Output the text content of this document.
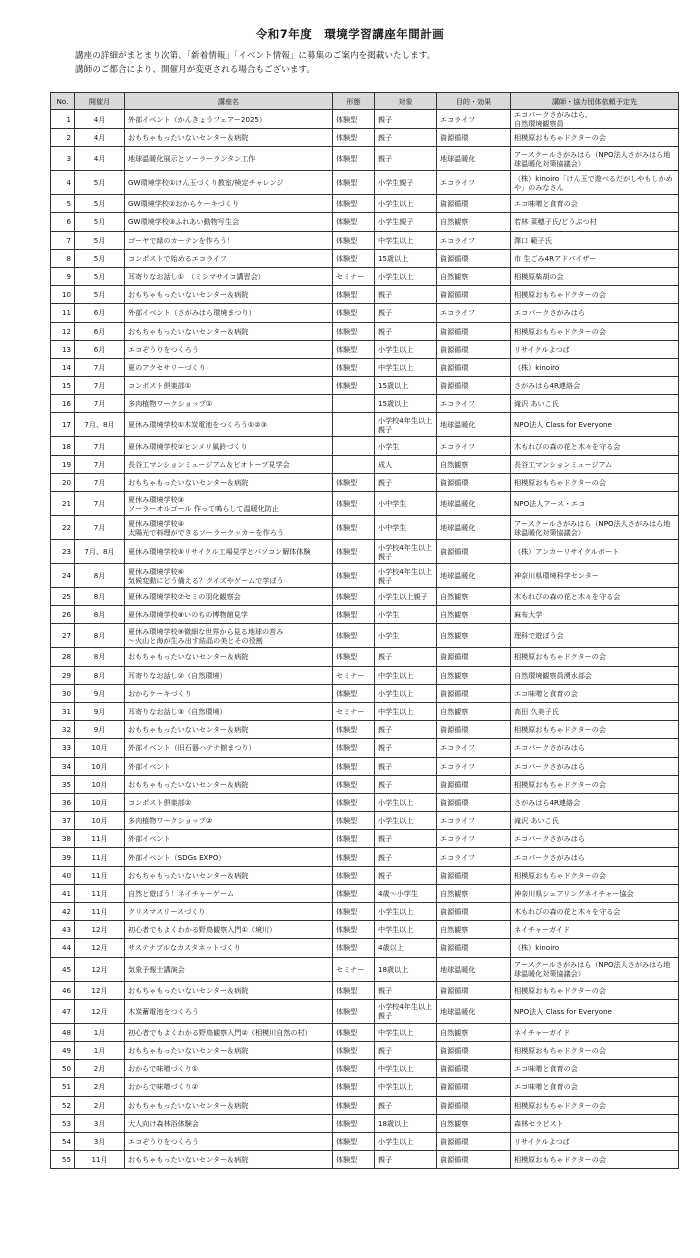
令和7年度　環境学習講座年間計画
講座の詳細がまとまり次第、「新着情報」「イベント情報」に募集のご案内を掲載いたします。
講師のご都合により、開催月が変更される場合もございます。
No.	開催月	講座名	形態	対象	目的・効果	講師・協力団体依頼予定先
1	4月	外部イベント（かんきょうフェアー2025）	体験型	親子	エコライフ	エコパークさがみはら、
自然環境観察員
2	4月	おもちゃもったいないセンター＆病院	体験型	親子	資源循環	相模原おもちゃドクターの会
3	4月	地球温暖化展示とソーラーランタン工作	体験型	親子	地球温暖化	アースクールさがみはら（NPO法人さがみはら地球温暖化対策協議会）
4	5月	GW環境学校①けん玉づくり教室/検定チャレンジ	体験型	小学生親子	エコライフ	（株）kinoiro「けん玉で遊べるだがしやもしかめや」のみなさん
5	5月	GW環境学校②おからケーキづくり	体験型	小学生以上	資源循環	エコ味噌と食育の会
6	5月	GW環境学校③ふれあい動物写生会	体験型	小学生親子	自然観察	若林 菜穂子氏/どうぶつ村
7	5月	ゴーヤで緑のカーテンを作ろう！	体験型	中学生以上	エコライフ	澤口 範子氏
8	5月	コンポストで始めるエコライフ	体験型	15歳以上	資源循環	市 生ごみ4Rアドバイザー
9	5月	耳寄りなお話し①　（ミシマサイコ講習会）	セミナー	小学生以上	自然観察	相模原柴胡の会
10	5月	おもちゃもったいないセンター＆病院	体験型	親子	資源循環	相模原おもちゃドクターの会
11	6月	外部イベント（さがみはら環境まつり）	体験型	親子	エコライフ	エコパークさがみはら
12	6月	おもちゃもったいないセンター＆病院	体験型	親子	資源循環	相模原おもちゃドクターの会
13	6月	エコぞうりをつくろう	体験型	小学生以上	資源循環	リサイクルよつば
14	7月	夏のアクセサリーづくり	体験型	中学生以上	資源循環	（株）kinoiro
15	7月	コンポスト倶楽部①	体験型	15歳以上	資源循環	さがみはら4R連絡会
16	7月	多肉植物ワークショップ①		15歳以上	エコライフ	滝沢 あいこ氏
17	7月、8月	夏休み環境学校①木炭電池をつくろう①②③		小学校4年生以上親子	地球温暖化	NPO法人 Class for Everyone
18	7月	夏休み環境学校②ヒンメリ風鈴づくり		小学生	エコライフ	木もれびの森の花と木々を守る会
19	7月	長谷工マンションミュージアム＆ビオトープ見学会		成人	自然観察	長谷工マンションミュージアム
20	7月	おもちゃもったいないセンター＆病院	体験型	親子	資源循環	相模原おもちゃドクターの会
21	7月	夏休み環境学校③
ソーラーオルゴール 作って鳴らして温暖化防止	体験型	小中学生	地球温暖化	NPO法人アース・エコ
22	7月	夏休み環境学校④
太陽光で料理ができるソーラークッカーを作ろう	体験型	小中学生	地球温暖化	アースクールさがみはら（NPO法人さがみはら地球温暖化対策協議会）
23	7月、8月	夏休み環境学校⑤リサイクル工場見学とパソコン解体体験	体験型	小学校4年生以上親子	資源循環	（株）アンカーリサイクルボート
24	8月	夏休み環境学校⑥
気候変動にどう備える？クイズやゲームで学ぼう	体験型	小学校4年生以上親子	地球温暖化	神奈川県環境科学センター
25	8月	夏休み環境学校⑦セミの羽化観察会	体験型	小学生以上親子	自然観察	木もれびの森の花と木々を守る会
26	8月	夏休み環境学校⑧いのちの博物館見学	体験型	小学生	自然観察	麻布大学
27	8月	夏休み環境学校⑨微細な世界から見る地球の営み
～火山と海が生み出す結晶の美とその役割	体験型	小学生	自然観察	理科で遊ぼう会
28	8月	おもちゃもったいないセンター＆病院	体験型	親子	資源循環	相模原おもちゃドクターの会
29	8月	耳寄りなお話し②（自然環境）	セミナー	中学生以上	自然観察	自然環境観察員湧水部会
30	9月	おからケーキづくり	体験型	小学生以上	資源循環	エコ味噌と食育の会
31	9月	耳寄りなお話し③（自然環境）	セミナー	中学生以上	自然観察	高田 久美子氏
32	9月	おもちゃもったいないセンター＆病院	体験型	親子	資源循環	相模原おもちゃドクターの会
33	10月	外部イベント（旧石器ハテナ館まつり）	体験型	親子	エコライフ	エコパークさがみはら
34	10月	外部イベント	体験型	親子	エコライフ	エコパークさがみはら
35	10月	おもちゃもったいないセンター＆病院	体験型	親子	資源循環	相模原おもちゃドクターの会
36	10月	コンポスト倶楽部②	体験型	小学生以上	資源循環	さがみはら4R連絡会
37	10月	多肉植物ワークショップ②	体験型	小学生以上	エコライフ	滝沢 あいこ氏
38	11月	外部イベント	体験型	親子	エコライフ	エコパークさがみはら
39	11月	外部イベント（SDGs EXPO）	体験型	親子	エコライフ	エコパークさがみはら
40	11月	おもちゃもったいないセンター＆病院	体験型	親子	資源循環	相模原おもちゃドクターの会
41	11月	自然と遊ぼう！ネイチャーゲーム	体験型	4歳～小学生	自然観察	神奈川県シェアリングネイチャー協会
42	11月	クリスマスリースづくり	体験型	小学生以上	資源循環	木もれびの森の花と木々を守る会
43	12月	初心者でもよくわかる野鳥観察入門①（境川）	体験型	中学生以上	自然観察	ネイチャーガイド
44	12月	サステナブルなカスタネットづくり	体験型	4歳以上	資源循環	（株）kinoiro
45	12月	気象予報士講演会	セミナー	18歳以上	地球温暖化	アースクールさがみはら（NPO法人さがみはら地球温暖化対策協議会）
46	12月	おもちゃもったいないセンター＆病院	体験型	親子	資源循環	相模原おもちゃドクターの会
47	12月	木炭蓄電池をつくろう	体験型	小学校4年生以上親子	地球温暖化	NPO法人 Class for Everyone
48	1月	初心者でもよくわかる野鳥観察入門②（相模川自然の村）	体験型	中学生以上	自然観察	ネイチャーガイド
49	1月	おもちゃもったいないセンター＆病院	体験型	親子	資源循環	相模原おもちゃドクターの会
50	2月	おからで味噌づくり①	体験型	中学生以上	資源循環	エコ味噌と食育の会
51	2月	おからで味噌づくり②	体験型	中学生以上	資源循環	エコ味噌と食育の会
52	2月	おもちゃもったいないセンター＆病院	体験型	親子	資源循環	相模原おもちゃドクターの会
53	3月	大人向け森林浴体験会	体験型	18歳以上	自然観察	森林セラピスト
54	3月	エコぞうりをつくろう	体験型	小学生以上	資源循環	リサイクルよつば
55	11月	おもちゃもったいないセンター＆病院	体験型	親子	資源循環	相模原おもちゃドクターの会
